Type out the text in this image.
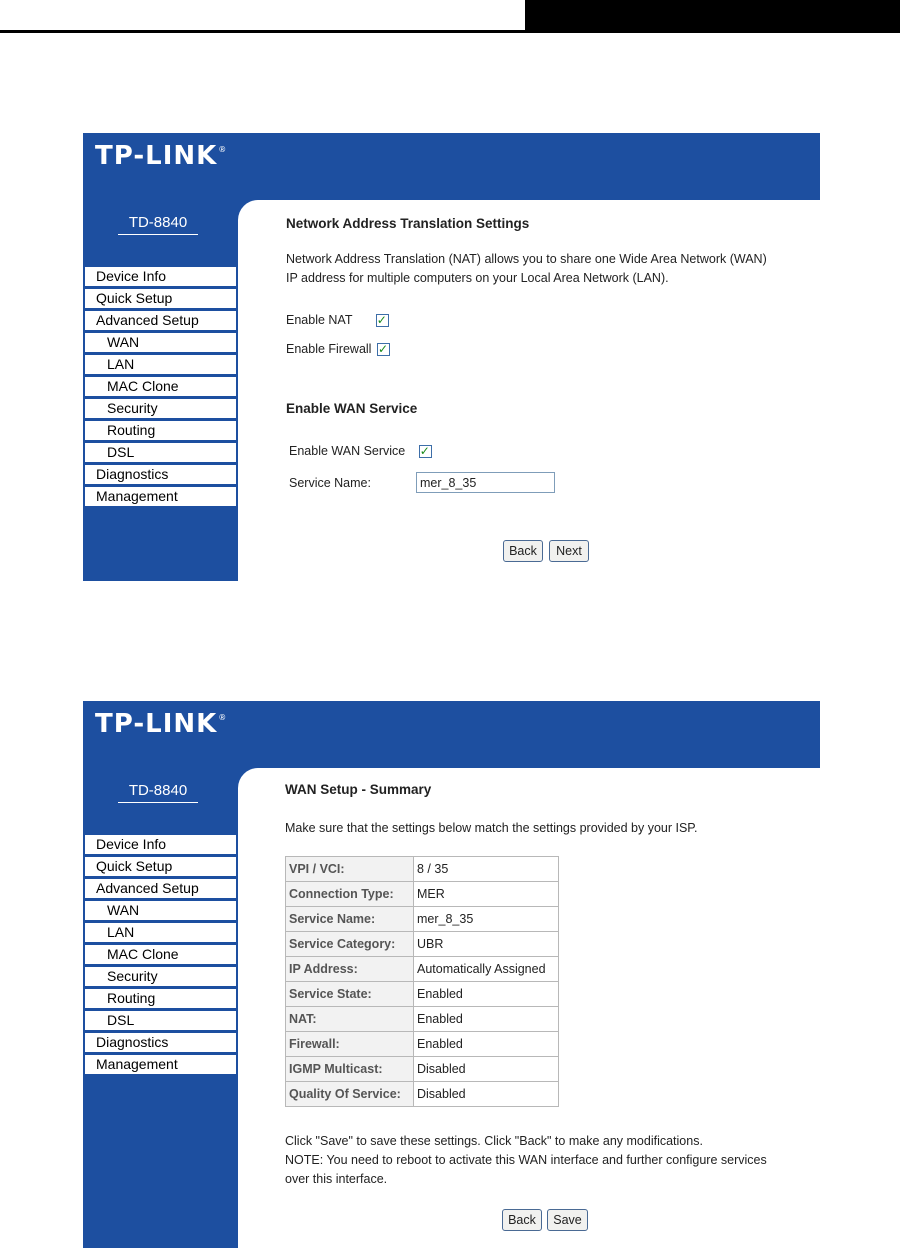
TP-LINK®
TD-8840
Device Info
Quick Setup
Advanced Setup
WAN
LAN
MAC Clone
Security
Routing
DSL
Diagnostics
Management
Network Address Translation Settings
Network Address Translation (NAT) allows you to share one Wide Area Network (WAN)
IP address for multiple computers on your Local Area Network (LAN).
Enable NAT ✓
Enable Firewall ✓
Enable WAN Service
Enable WAN Service ✓
Service Name:
mer_8_35
Back	Next
TP-LINK®
TD-8840
Device Info
Quick Setup
Advanced Setup
WAN
LAN
MAC Clone
Security
Routing
DSL
Diagnostics
Management
WAN Setup - Summary
Make sure that the settings below match the settings provided by your ISP.
VPI / VCI:	8 / 35
Connection Type:	MER
Service Name:	mer_8_35
Service Category:	UBR
IP Address:	Automatically Assigned
Service State:	Enabled
NAT:	Enabled
Firewall:	Enabled
IGMP Multicast:	Disabled
Quality Of Service:	Disabled
Click "Save" to save these settings. Click "Back" to make any modifications.
NOTE: You need to reboot to activate this WAN interface and further configure services
over this interface.
Back	Save
